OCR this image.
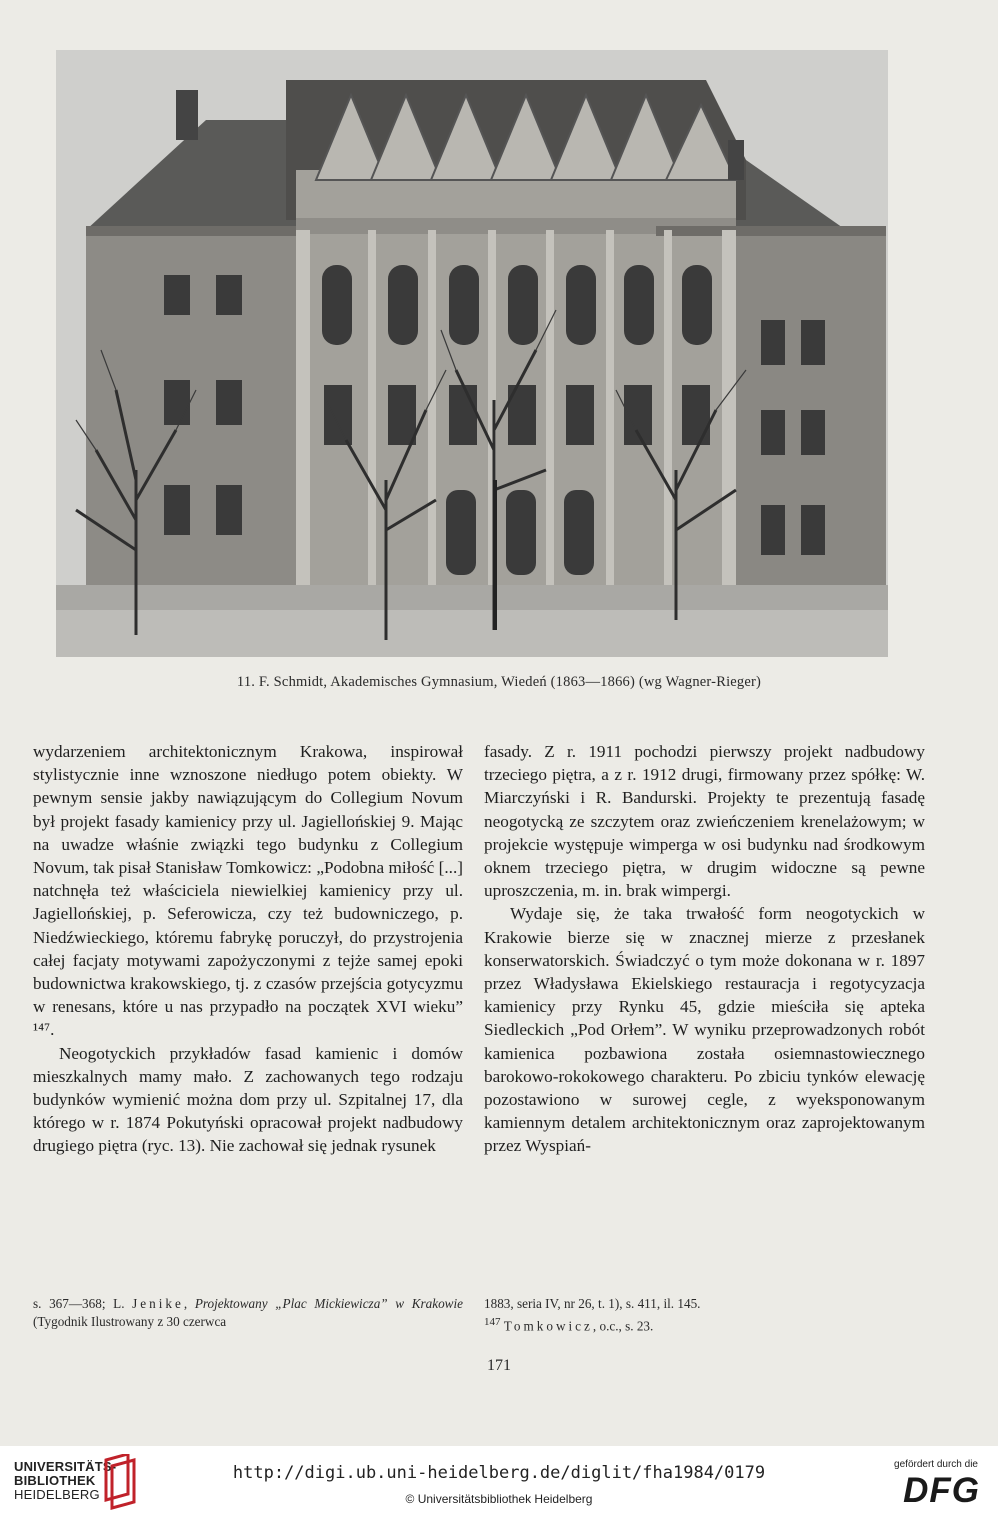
11. F. Schmidt, Akademisches Gymnasium, Wiedeń (1863—1866) (wg Wagner-Rieger)

wydarzeniem architektonicznym Krakowa, inspirował stylistycznie inne wznoszone niedługo potem obiekty. W pewnym sensie jakby nawiązującym do Collegium Novum był projekt fasady kamienicy przy ul. Jagiellońskiej 9. Mając na uwadze właśnie związki tego budynku z Collegium Novum, tak pisał Stanisław Tomkowicz: „Podobna miłość [...] natchnęła też właściciela niewielkiej kamienicy przy ul. Jagiellońskiej, p. Seferowicza, czy też budowniczego, p. Niedźwieckiego, któremu fabrykę poruczył, do przystrojenia całej facjaty motywami zapożyczonymi z tejże samej epoki budownictwa krakowskiego, tj. z czasów przejścia gotycyzmu w renesans, które u nas przypadło na początek XVI wieku” ¹⁴⁷.

Neogotyckich przykładów fasad kamienic i domów mieszkalnych mamy mało. Z zachowanych tego rodzaju budynków wymienić można dom przy ul. Szpitalnej 17, dla którego w r. 1874 Pokutyński opracował projekt nadbudowy drugiego piętra (ryc. 13). Nie zachował się jednak rysunek

fasady. Z r. 1911 pochodzi pierwszy projekt nadbudowy trzeciego piętra, a z r. 1912 drugi, firmowany przez spółkę: W. Miarczyński i R. Bandurski. Projekty te prezentują fasadę neogotycką ze szczytem oraz zwieńczeniem krenelażowym; w projekcie występuje wimperga w osi budynku nad środkowym oknem trzeciego piętra, w drugim widoczne są pewne uproszczenia, m. in. brak wimpergi.

Wydaje się, że taka trwałość form neogotyckich w Krakowie bierze się w znacznej mierze z przesłanek konserwatorskich. Świadczyć o tym może dokonana w r. 1897 przez Władysława Ekielskiego restauracja i regotycyzacja kamienicy przy Rynku 45, gdzie mieściła się apteka Siedleckich „Pod Orłem”. W wyniku przeprowadzonych robót kamienica pozbawiona została osiemnastowiecznego barokowo-rokokowego charakteru. Po zbiciu tynków elewację pozostawiono w surowej cegle, z wyeksponowanym kamiennym detalem architektonicznym oraz zaprojektowanym przez Wyspiań-

s. 367—368; L. Jenike, Projektowany „Plac Mickiewicza” w Krakowie (Tygodnik Ilustrowany z 30 czerwca
1883, seria IV, nr 26, t. 1), s. 411, il. 145.
$^{147}$ Tomkowicz, o.c., s. 23.
171
UNIVERSITÄTS-
BIBLIOTHEK
HEIDELBERG
http://digi.ub.uni-heidelberg.de/diglit/fha1984/0179
© Universitätsbibliothek Heidelberg
gefördert durch die
DFG
